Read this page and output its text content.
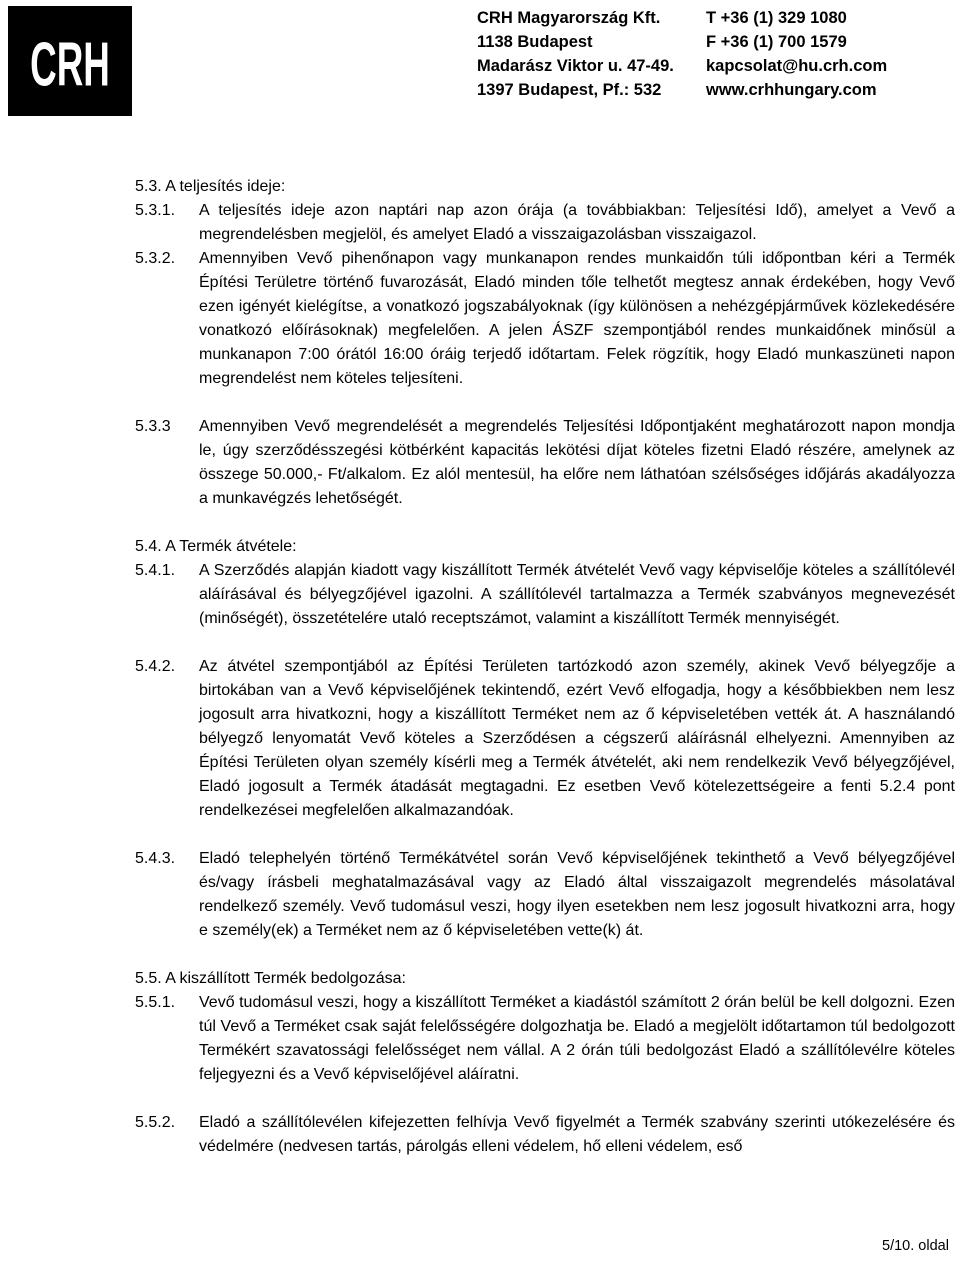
CRH
CRH Magyarország Kft.
1138 Budapest
Madarász Viktor u. 47-49.
1397 Budapest, Pf.: 532
T +36 (1) 329 1080
F +36 (1) 700 1579
kapcsolat@hu.crh.com
www.crhhungary.com
5.3. A teljesítés ideje:
5.3.1.	A teljesítés ideje azon naptári nap azon órája (a továbbiakban: Teljesítési Idő), amelyet a Vevő a megrendelésben megjelöl, és amelyet Eladó a visszaigazolásban visszaigazol.
5.3.2.	Amennyiben Vevő pihenőnapon vagy munkanapon rendes munkaidőn túli időpontban kéri a Termék Építési Területre történő fuvarozását, Eladó minden tőle telhetőt megtesz annak érdekében, hogy Vevő ezen igényét kielégítse, a vonatkozó jogszabályoknak (így különösen a nehézgépjárművek közlekedésére vonatkozó előírásoknak) megfelelően. A jelen ÁSZF szempontjából rendes munkaidőnek minősül a munkanapon 7:00 órától 16:00 óráig terjedő időtartam. Felek rögzítik, hogy Eladó munkaszüneti napon megrendelést nem köteles teljesíteni.
5.3.3	Amennyiben Vevő megrendelését a megrendelés Teljesítési Időpontjaként meghatározott napon mondja le, úgy szerződésszegési kötbérként kapacitás lekötési díjat köteles fizetni Eladó részére, amelynek az összege 50.000,- Ft/alkalom. Ez alól mentesül, ha előre nem láthatóan szélsőséges időjárás akadályozza a munkavégzés lehetőségét.
5.4. A Termék átvétele:
5.4.1.	A Szerződés alapján kiadott vagy kiszállított Termék átvételét Vevő vagy képviselője köteles a szállítólevél aláírásával és bélyegzőjével igazolni. A szállítólevél tartalmazza a Termék szabványos megnevezését (minőségét), összetételére utaló receptszámot, valamint a kiszállított Termék mennyiségét.
5.4.2.	Az átvétel szempontjából az Építési Területen tartózkodó azon személy, akinek Vevő bélyegzője a birtokában van a Vevő képviselőjének tekintendő, ezért Vevő elfogadja, hogy a későbbiekben nem lesz jogosult arra hivatkozni, hogy a kiszállított Terméket nem az ő képviseletében vették át. A használandó bélyegző lenyomatát Vevő köteles a Szerződésen a cégszerű aláírásnál elhelyezni. Amennyiben az Építési Területen olyan személy kísérli meg a Termék átvételét, aki nem rendelkezik Vevő bélyegzőjével, Eladó jogosult a Termék átadását megtagadni. Ez esetben Vevő kötelezettségeire a fenti 5.2.4 pont rendelkezései megfelelően alkalmazandóak.
5.4.3.	Eladó telephelyén történő Termékátvétel során Vevő képviselőjének tekinthető a Vevő bélyegzőjével és/vagy írásbeli meghatalmazásával vagy az Eladó által visszaigazolt megrendelés másolatával rendelkező személy. Vevő tudomásul veszi, hogy ilyen esetekben nem lesz jogosult hivatkozni arra, hogy e személy(ek) a Terméket nem az ő képviseletében vette(k) át.
5.5. A kiszállított Termék bedolgozása:
5.5.1.	Vevő tudomásul veszi, hogy a kiszállított Terméket a kiadástól számított 2 órán belül be kell dolgozni. Ezen túl Vevő a Terméket csak saját felelősségére dolgozhatja be. Eladó a megjelölt időtartamon túl bedolgozott Termékért szavatossági felelősséget nem vállal. A 2 órán túli bedolgozást Eladó a szállítólevélre köteles feljegyezni és a Vevő képviselőjével aláíratni.
5.5.2.	Eladó a szállítólevélen kifejezetten felhívja Vevő figyelmét a Termék szabvány szerinti utókezelésére és védelmére (nedvesen tartás, párolgás elleni védelem, hő elleni védelem, eső
5/10. oldal
